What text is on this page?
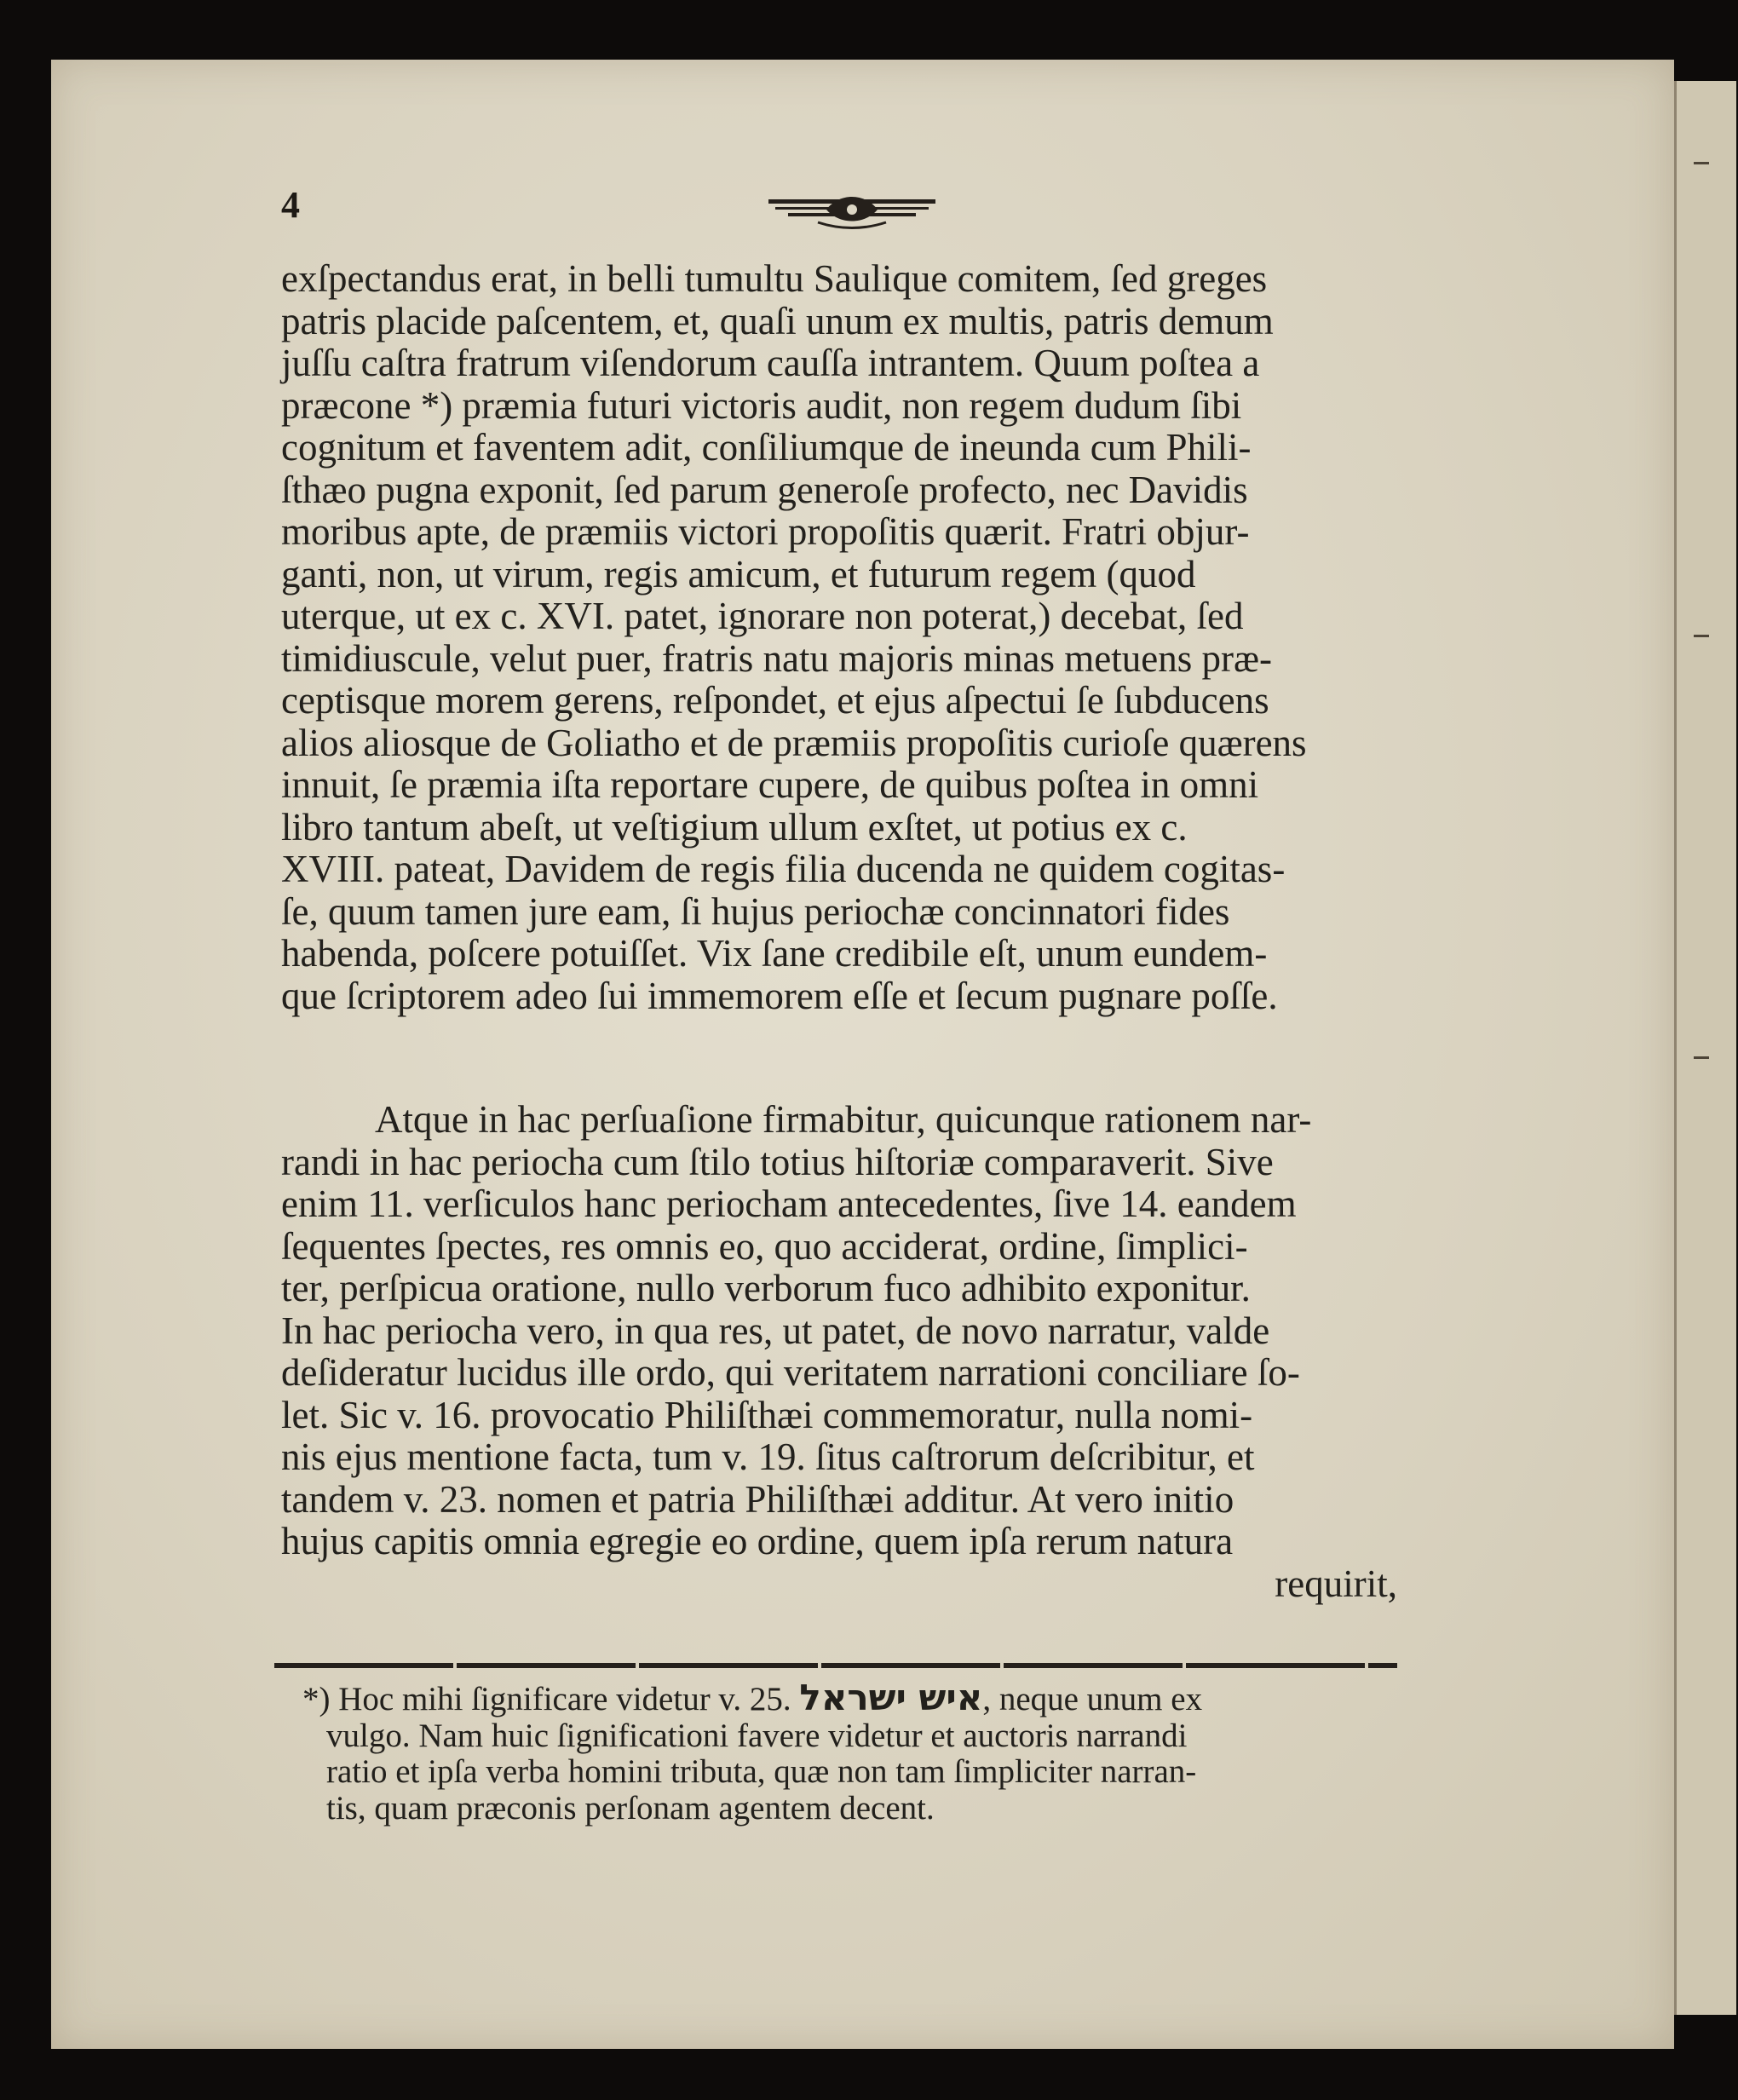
4
exſpectandus erat, in belli tumultu Saulique comitem, ſed greges
patris placide paſcentem, et, quaſi unum ex multis, patris demum
juſſu caſtra fratrum viſendorum cauſſa intrantem. Quum poſtea a
præcone *) præmia futuri victoris audit, non regem dudum ſibi
cognitum et faventem adit, conſiliumque de ineunda cum Phili-
ſthæo pugna exponit, ſed parum generoſe profecto, nec Davidis
moribus apte, de præmiis victori propoſitis quærit. Fratri objur-
ganti, non, ut virum, regis amicum, et futurum regem (quod
uterque, ut ex c. XVI. patet, ignorare non poterat,) decebat, ſed
timidiuscule, velut puer, fratris natu majoris minas metuens præ-
ceptisque morem gerens, reſpondet, et ejus aſpectui ſe ſubducens
alios aliosque de Goliatho et de præmiis propoſitis curioſe quærens
innuit, ſe præmia iſta reportare cupere, de quibus poſtea in omni
libro tantum abeſt, ut veſtigium ullum exſtet, ut potius ex c.
XVIII. pateat, Davidem de regis filia ducenda ne quidem cogitas-
ſe, quum tamen jure eam, ſi hujus periochæ concinnatori fides
habenda, poſcere potuiſſet. Vix ſane credibile eſt, unum eundem-
que ſcriptorem adeo ſui immemorem eſſe et ſecum pugnare poſſe.
Atque in hac perſuaſione firmabitur, quicunque rationem nar-
randi in hac periocha cum ſtilo totius hiſtoriæ comparaverit. Sive
enim 11. verſiculos hanc periocham antecedentes, ſive 14. eandem
ſequentes ſpectes, res omnis eo, quo acciderat, ordine, ſimplici-
ter, perſpicua oratione, nullo verborum fuco adhibito exponitur.
In hac periocha vero, in qua res, ut patet, de novo narratur, valde
deſideratur lucidus ille ordo, qui veritatem narrationi conciliare ſo-
let. Sic v. 16. provocatio Philiſthæi commemoratur, nulla nomi-
nis ejus mentione facta, tum v. 19. ſitus caſtrorum deſcribitur, et
tandem v. 23. nomen et patria Philiſthæi additur. At vero initio
hujus capitis omnia egregie eo ordine, quem ipſa rerum natura
requirit,
*) Hoc mihi ſignificare videtur v. 25. איש ישראל, neque unum ex
vulgo. Nam huic ſignificationi favere videtur et auctoris narrandi
ratio et ipſa verba homini tributa, quæ non tam ſimpliciter narran-
tis, quam præconis perſonam agentem decent.
